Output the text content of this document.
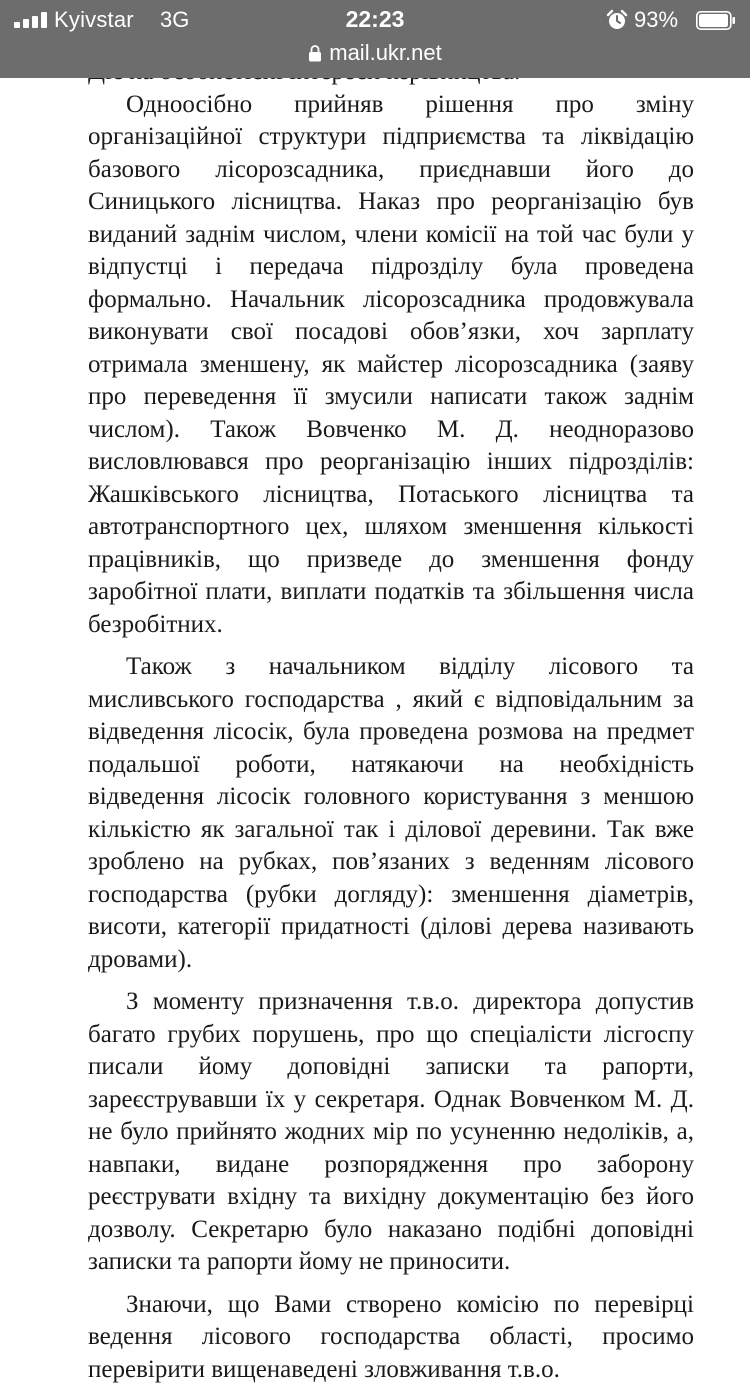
Kyivstar 3G	22:23	93%
mail.ukr.net

Одноосібно прийняв рішення про зміну організаційної структури підприємства та ліквідацію базового лісорозсадника, приєднавши його до Синицького лісництва. Наказ про реорганізацію був виданий заднім числом, члени комісії на той час були у відпустці і передача підрозділу була проведена формально. Начальник лісорозсадника продовжувала виконувати свої посадові обов’язки, хоч зарплату отримала зменшену, як майстер лісорозсадника (заяву про переведення її змусили написати також заднім числом). Також Вовченко М. Д. неодноразово висловлювався про реорганізацію інших підрозділів: Жашківського лісництва, Потаського лісництва та автотранспортного цех, шляхом зменшення кількості працівників, що призведе до зменшення фонду заробітної плати, виплати податків та збільшення числа безробітних.

Також з начальником відділу лісового та мисливського господарства , який є відповідальним за відведення лісосік, була проведена розмова на предмет подальшої роботи, натякаючи на необхідність відведення лісосік головного користування з меншою кількістю як загальної так і ділової деревини. Так вже зроблено на рубках, пов’язаних з веденням лісового господарства (рубки догляду): зменшення діаметрів, висоти, категорії придатності (ділові дерева називають дровами).

З моменту призначення т.в.о. директора допустив багато грубих порушень, про що спеціалісти лісгоспу писали йому доповідні записки та рапорти, зареєструвавши їх у секретаря. Однак Вовченком М. Д. не було прийнято жодних мір по усуненню недоліків, а, навпаки, видане розпорядження про заборону реєструвати вхідну та вихідну документацію без його дозволу. Секретарю було наказано подібні доповідні записки та рапорти йому не приносити.

Знаючи, що Вами створено комісію по перевірці ведення лісового господарства області, просимо перевірити вищенаведені зловживання т.в.о.
